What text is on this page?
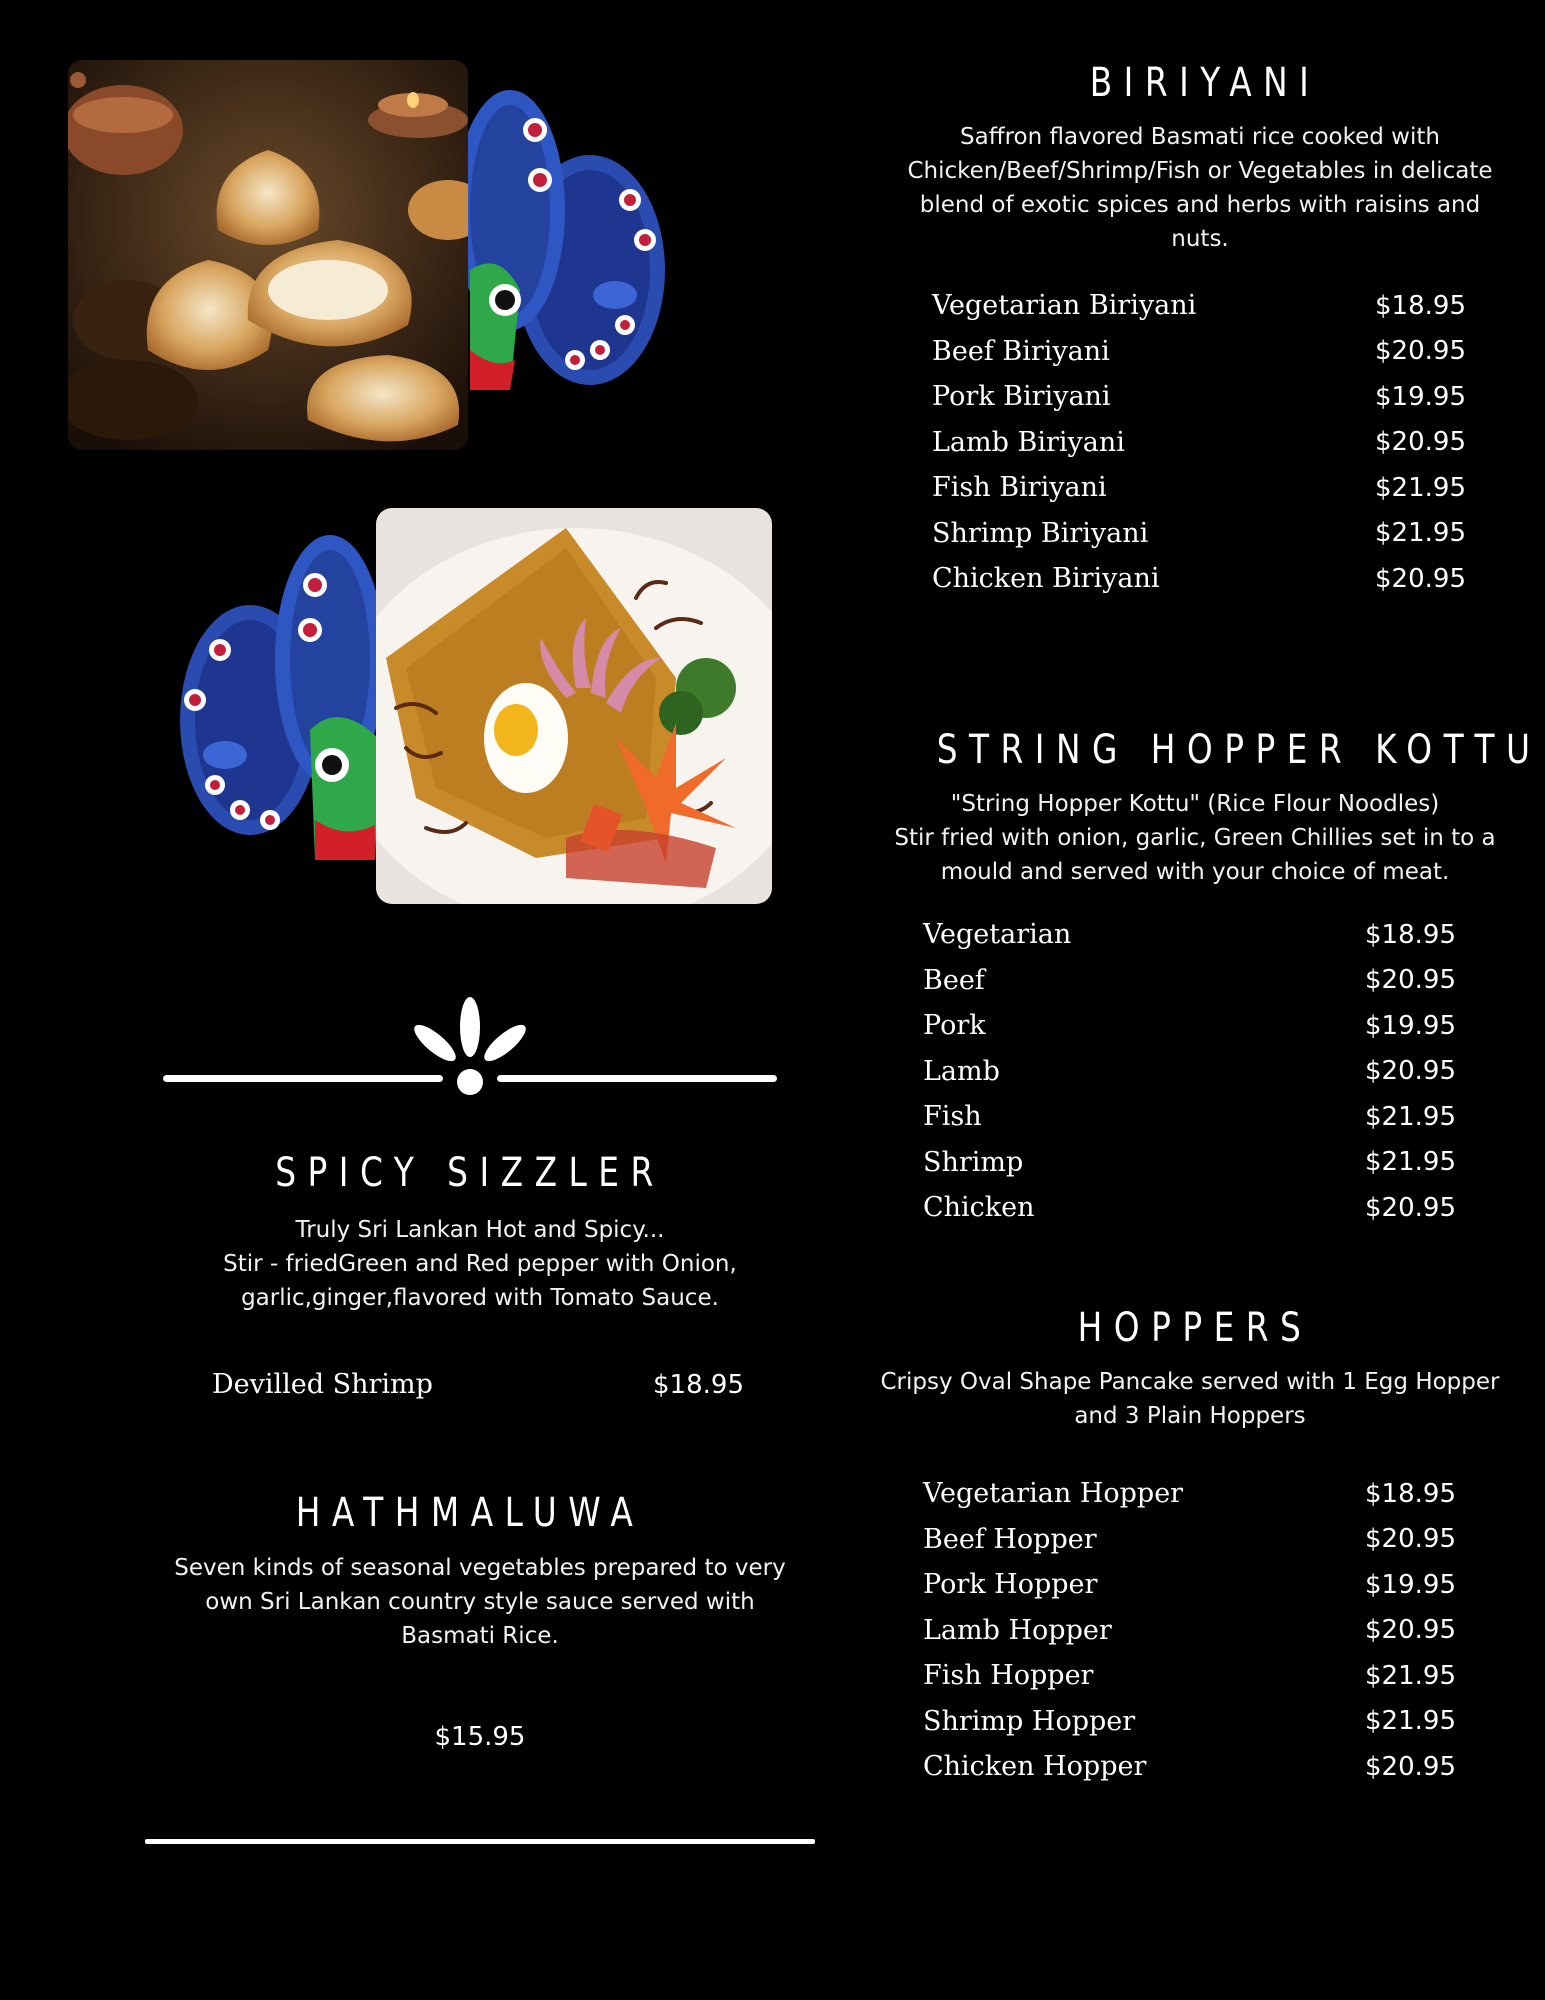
SPICY SIZZLER
Truly Sri Lankan Hot and Spicy...
Stir - friedGreen and Red pepper with Onion, garlic,ginger,flavored with Tomato Sauce.
Devilled Shrimp	$18.95
HATHMALUWA
Seven kinds of seasonal vegetables prepared to very own Sri Lankan country style sauce served with Basmati Rice.
$15.95
BIRIYANI
Saffron flavored Basmati rice cooked with Chicken/Beef/Shrimp/Fish or Vegetables in delicate blend of exotic spices and herbs with raisins and nuts.
Vegetarian Biriyani	$18.95
Beef Biriyani	$20.95
Pork Biriyani	$19.95
Lamb Biriyani	$20.95
Fish Biriyani	$21.95
Shrimp Biriyani	$21.95
Chicken Biriyani	$20.95
STRING HOPPER KOTTU
"String Hopper Kottu" (Rice Flour Noodles)
Stir fried with onion, garlic, Green Chillies set in to a mould and served with your choice of meat.
Vegetarian	$18.95
Beef	$20.95
Pork	$19.95
Lamb	$20.95
Fish	$21.95
Shrimp	$21.95
Chicken	$20.95
HOPPERS
Cripsy Oval Shape Pancake served with 1 Egg Hopper and 3 Plain Hoppers
Vegetarian Hopper	$18.95
Beef Hopper	$20.95
Pork Hopper	$19.95
Lamb Hopper	$20.95
Fish Hopper	$21.95
Shrimp Hopper	$21.95
Chicken Hopper	$20.95
